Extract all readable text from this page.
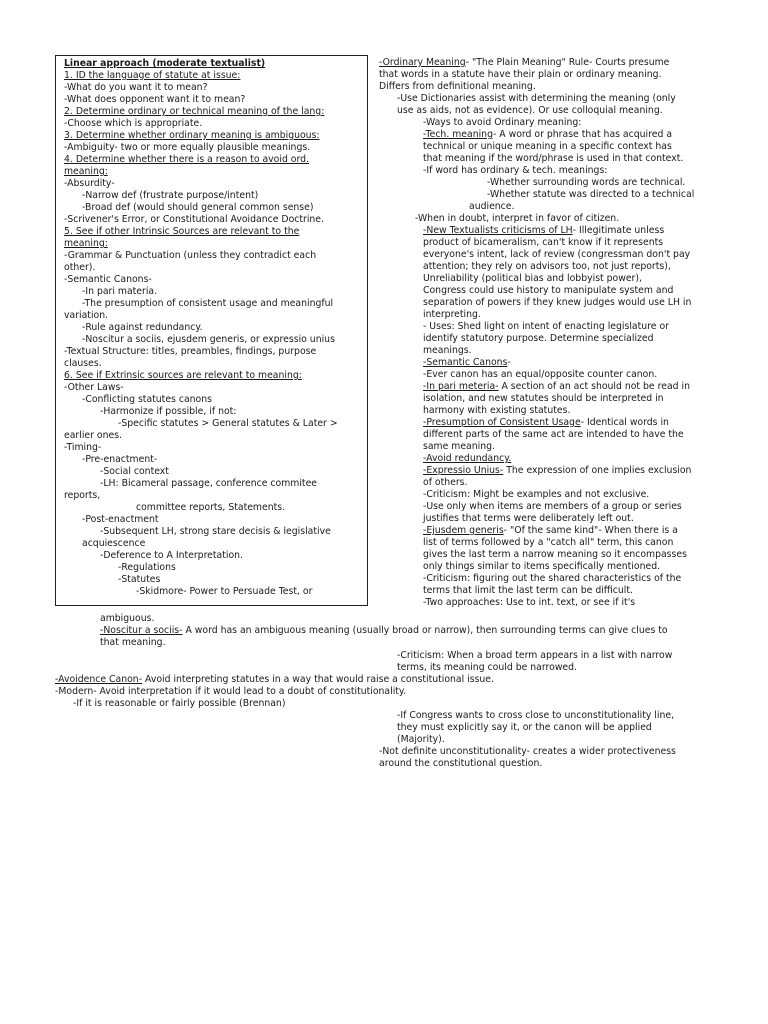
Linear approach (moderate textualist)
1. ID the language of statute at issue:
-What do you want it to mean?
-What does opponent want it to mean?
2. Determine ordinary or technical meaning of the lang:
-Choose which is appropriate.
3. Determine whether ordinary meaning is ambiguous:
-Ambiguity- two or more equally plausible meanings.
4. Determine whether there is a reason to avoid ord.
meaning:
-Absurdity-
-Narrow def (frustrate purpose/intent)
-Broad def (would should general common sense)
-Scrivener's Error, or Constitutional Avoidance Doctrine.
5. See if other Intrinsic Sources are relevant to the
meaning:
-Grammar & Punctuation (unless they contradict each
other).
-Semantic Canons-
-In pari materia.
-The presumption of consistent usage and meaningful
variation.
-Rule against redundancy.
-Noscitur a sociis, ejusdem generis, or expressio unius
-Textual Structure: titles, preambles, findings, purpose
clauses.
6. See if Extrinsic sources are relevant to meaning:
-Other Laws-
-Conflicting statutes canons
-Harmonize if possible, if not:
-Specific statutes > General statutes & Later >
earlier ones.
-Timing-
-Pre-enactment-
-Social context
-LH: Bicameral passage, conference commitee
reports,
committee reports, Statements.
-Post-enactment
-Subsequent LH, strong stare decisis & legislative
acquiescence
-Deference to A Interpretation.
-Regulations
-Statutes
-Skidmore- Power to Persuade Test, or
-Ordinary Meaning- "The Plain Meaning" Rule- Courts presume
that words in a statute have their plain or ordinary meaning.
Differs from definitional meaning.
-Use Dictionaries assist with determining the meaning (only
use as aids, not as evidence). Or use colloquial meaning.
-Ways to avoid Ordinary meaning:
-Tech. meaning- A word or phrase that has acquired a
technical or unique meaning in a specific context has
that meaning if the word/phrase is used in that context.
-If word has ordinary & tech. meanings:
-Whether surrounding words are technical.
-Whether statute was directed to a technical
audience.
-When in doubt, interpret in favor of citizen.
-New Textualists criticisms of LH- Illegitimate unless
product of bicameralism, can't know if it represents
everyone's intent, lack of review (congressman don't pay
attention; they rely on advisors too, not just reports),
Unreliability (political bias and lobbyist power),
Congress could use history to manipulate system and
separation of powers if they knew judges would use LH in
interpreting.
- Uses: Shed light on intent of enacting legislature or
identify statutory purpose. Determine specialized
meanings.
-Semantic Canons-
-Ever canon has an equal/opposite counter canon.
-In pari meteria- A section of an act should not be read in
isolation, and new statutes should be interpreted in
harmony with existing statutes.
-Presumption of Consistent Usage- Identical words in
different parts of the same act are intended to have the
same meaning.
-Avoid redundancy.
-Expressio Unius- The expression of one implies exclusion
of others.
-Criticism: Might be examples and not exclusive.
-Use only when items are members of a group or series
justifies that terms were deliberately left out.
-Ejusdem generis- "Of the same kind"- When there is a
list of terms followed by a "catch all" term, this canon
gives the last term a narrow meaning so it encompasses
only things similar to items specifically mentioned.
-Criticism: figuring out the shared characteristics of the
terms that limit the last term can be difficult.
-Two approaches: Use to int. text, or see if it's
ambiguous.
-Noscitur a sociis- A word has an ambiguous meaning (usually broad or narrow), then surrounding terms can give clues to
that meaning.
-Criticism: When a broad term appears in a list with narrow
terms, its meaning could be narrowed.
-Avoidence Canon- Avoid interpreting statutes in a way that would raise a constitutional issue.
-Modern- Avoid interpretation if it would lead to a doubt of constitutionality.
-If it is reasonable or fairly possible (Brennan)
-If Congress wants to cross close to unconstitutionality line,
they must explicitly say it, or the canon will be applied
(Majority).
-Not definite unconstitutionality- creates a wider protectiveness
around the constitutional question.
